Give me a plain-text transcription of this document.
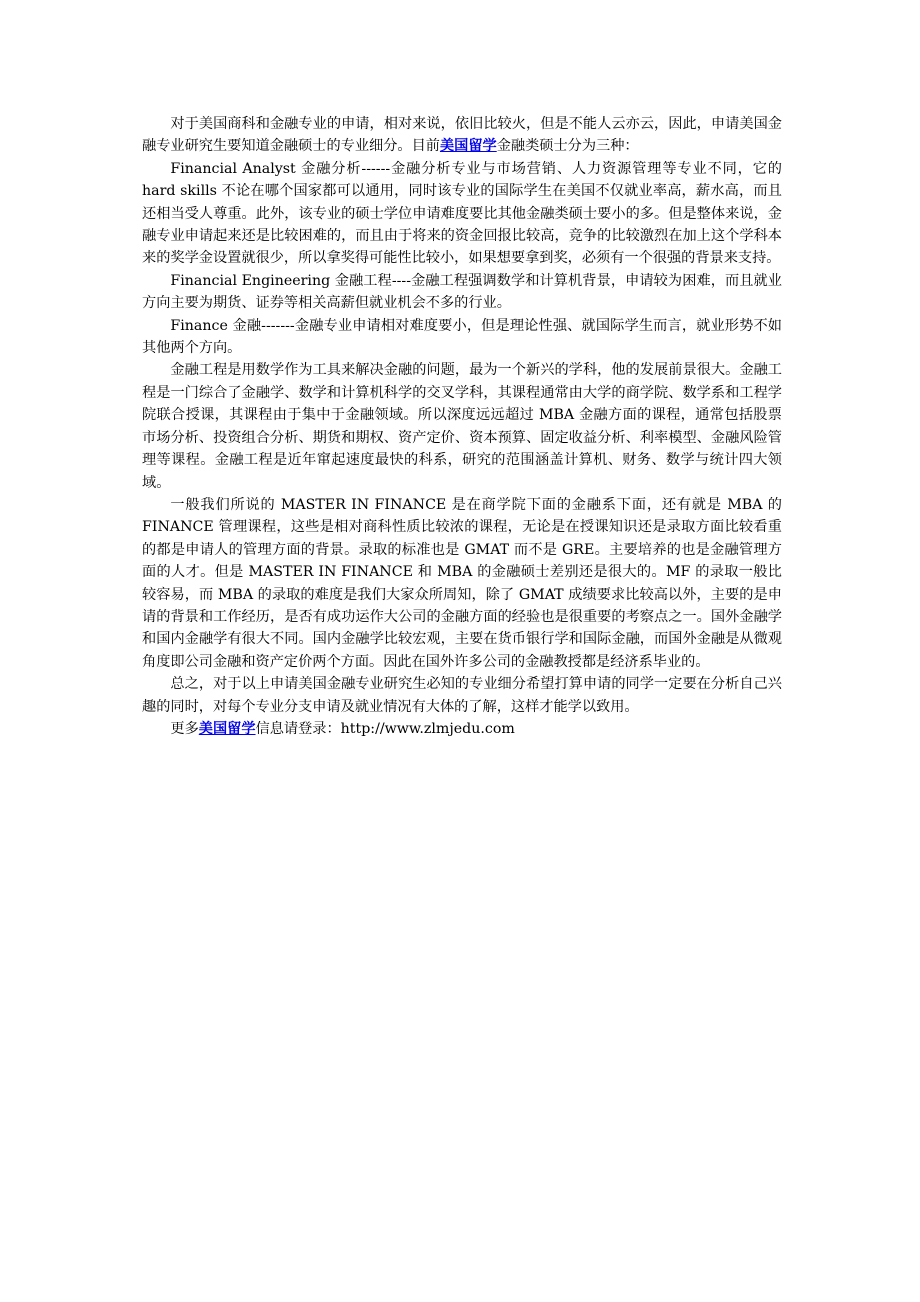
对于美国商科和金融专业的申请，相对来说，依旧比较火，但是不能人云亦云，因此，申请美国金融专业研究生要知道金融硕士的专业细分。目前美国留学金融类硕士分为三种：

Financial Analyst 金融分析------金融分析专业与市场营销、人力资源管理等专业不同，它的 hard skills 不论在哪个国家都可以通用，同时该专业的国际学生在美国不仅就业率高，薪水高，而且还相当受人尊重。此外，该专业的硕士学位申请难度要比其他金融类硕士要小的多。但是整体来说，金融专业申请起来还是比较困难的，而且由于将来的资金回报比较高，竞争的比较激烈在加上这个学科本来的奖学金设置就很少，所以拿奖得可能性比较小，如果想要拿到奖，必须有一个很强的背景来支持。

Financial Engineering 金融工程----金融工程强调数学和计算机背景，申请较为困难，而且就业方向主要为期货、证券等相关高薪但就业机会不多的行业。

Finance 金融-------金融专业申请相对难度要小，但是理论性强、就国际学生而言，就业形势不如其他两个方向。

金融工程是用数学作为工具来解决金融的问题，最为一个新兴的学科，他的发展前景很大。金融工程是一门综合了金融学、数学和计算机科学的交叉学科，其课程通常由大学的商学院、数学系和工程学院联合授课，其课程由于集中于金融领域。所以深度远远超过 MBA 金融方面的课程，通常包括股票市场分析、投资组合分析、期货和期权、资产定价、资本预算、固定收益分析、利率模型、金融风险管理等课程。金融工程是近年窜起速度最快的科系，研究的范围涵盖计算机、财务、数学与统计四大领域。

一般我们所说的 MASTER IN FINANCE 是在商学院下面的金融系下面，还有就是 MBA 的 FINANCE 管理课程，这些是相对商科性质比较浓的课程，无论是在授课知识还是录取方面比较看重的都是申请人的管理方面的背景。录取的标准也是 GMAT 而不是 GRE。主要培养的也是金融管理方面的人才。但是 MASTER IN FINANCE 和 MBA 的金融硕士差别还是很大的。MF 的录取一般比较容易，而 MBA 的录取的难度是我们大家众所周知，除了 GMAT 成绩要求比较高以外，主要的是申请的背景和工作经历，是否有成功运作大公司的金融方面的经验也是很重要的考察点之一。国外金融学和国内金融学有很大不同。国内金融学比较宏观，主要在货币银行学和国际金融，而国外金融是从微观角度即公司金融和资产定价两个方面。因此在国外许多公司的金融教授都是经济系毕业的。

总之，对于以上申请美国金融专业研究生必知的专业细分希望打算申请的同学一定要在分析自己兴趣的同时，对每个专业分支申请及就业情况有大体的了解，这样才能学以致用。

更多美国留学信息请登录：http://www.zlmjedu.com
